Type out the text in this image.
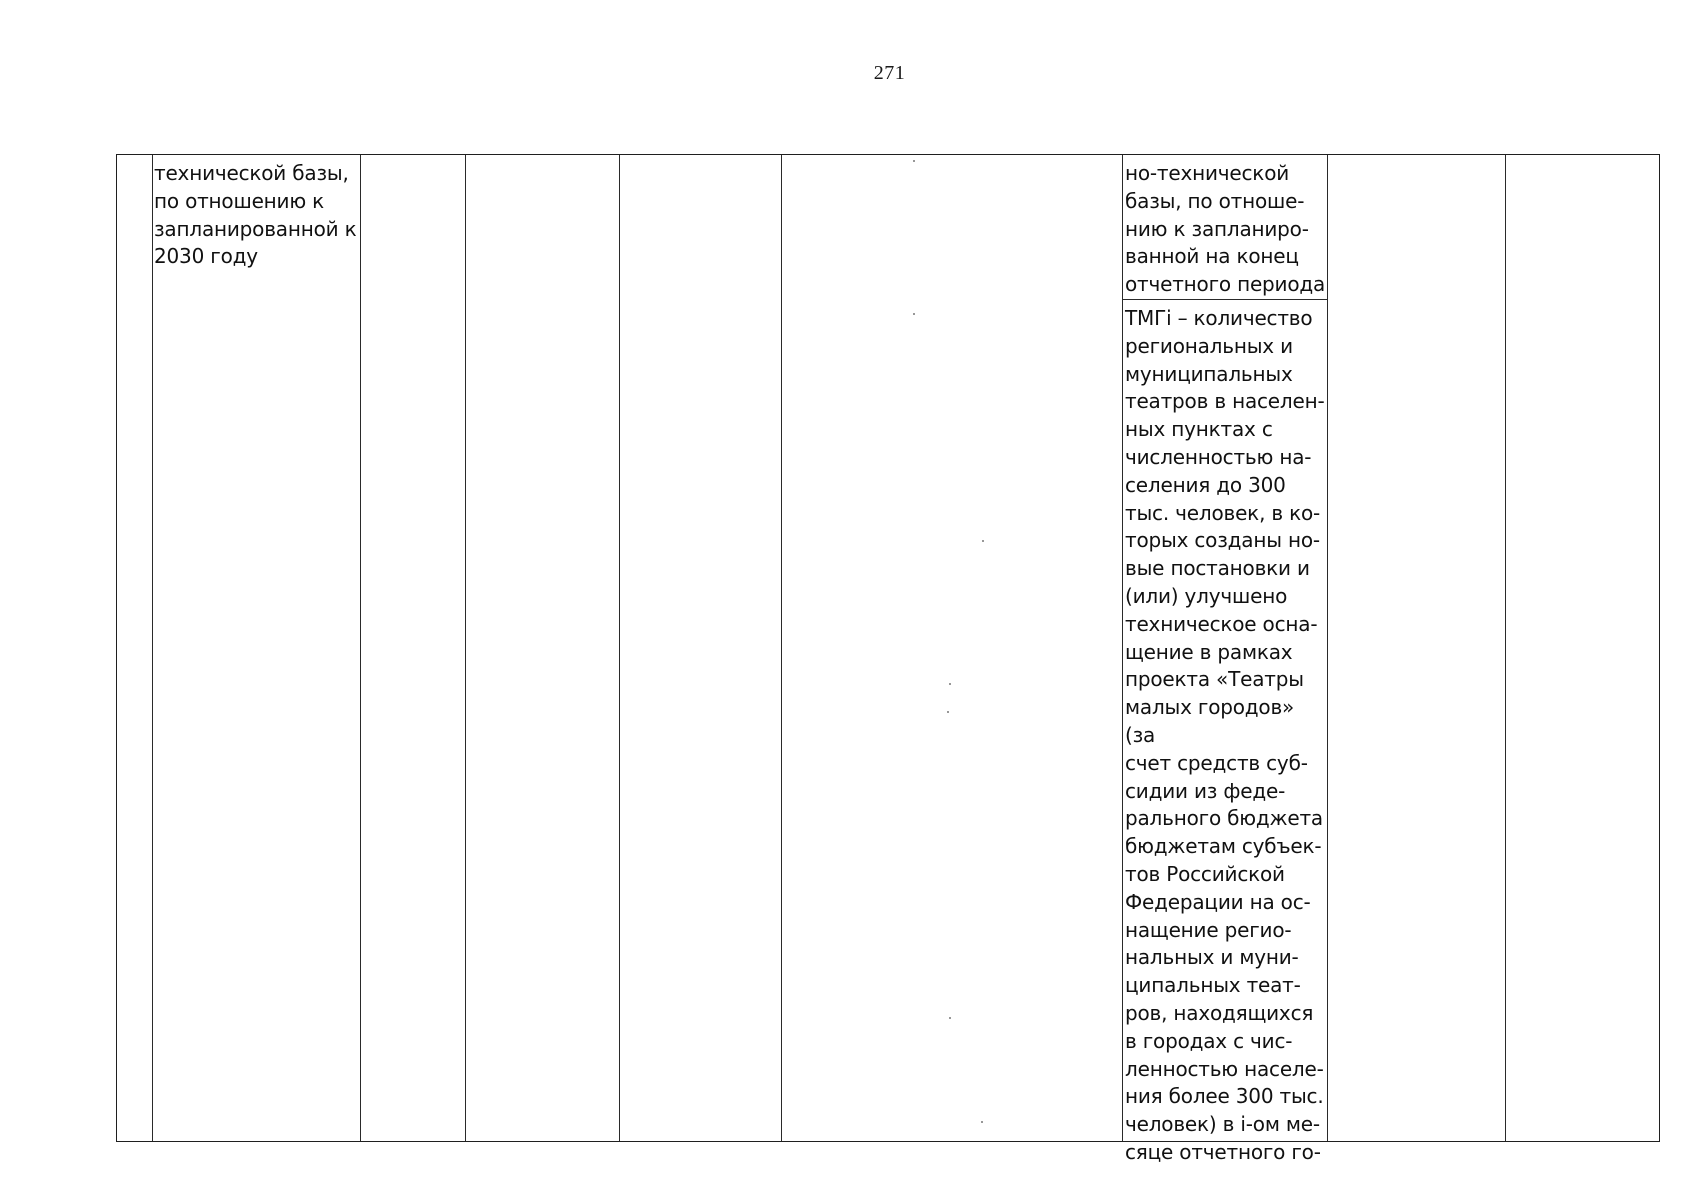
271
технической базы,
по отношению к
запланированной к
2030 году
но-технической
базы, по отноше-
нию к запланиро-
ванной на конец
отчетного периода
ТМГi – количество
региональных и
муниципальных
театров в населен-
ных пунктах с
численностью на-
селения до 300
тыс. человек, в ко-
торых созданы но-
вые постановки и
(или) улучшено
техническое осна-
щение в рамках
проекта «Театры
малых городов» (за
счет средств суб-
сидии из феде-
рального бюджета
бюджетам субъек-
тов Российской
Федерации на ос-
нащение регио-
нальных и муни-
ципальных теат-
ров, находящихся
в городах с чис-
ленностью населе-
ния более 300 тыс.
человек) в i-ом ме-
сяце отчетного го-
